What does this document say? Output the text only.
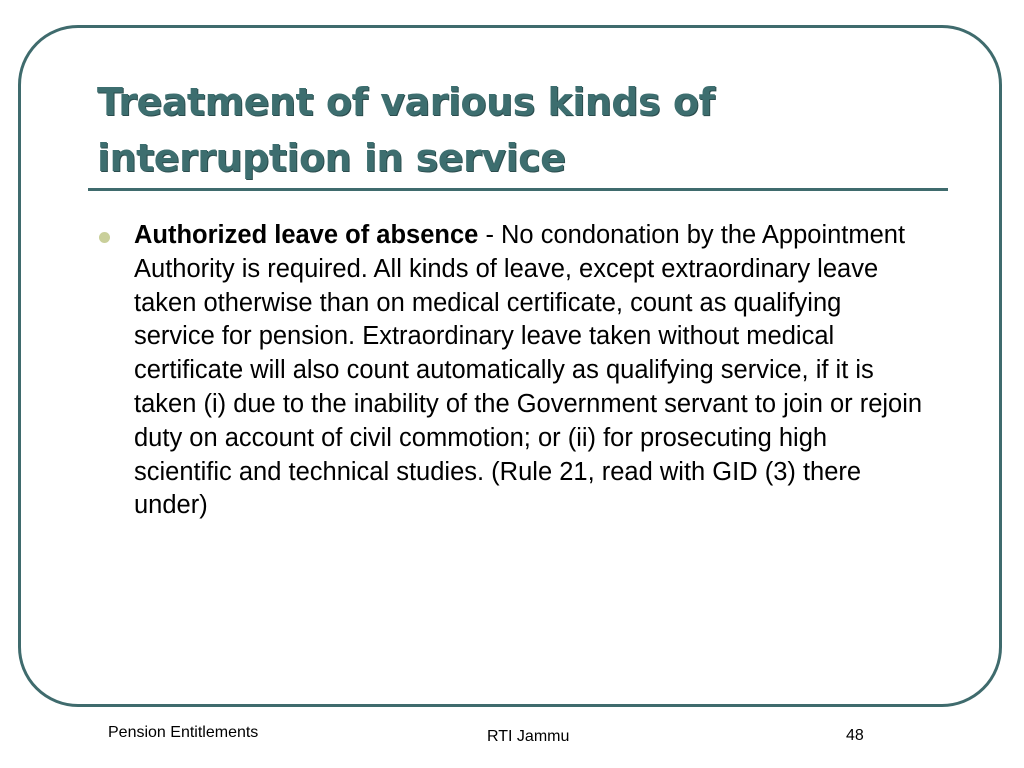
Treatment of various kinds of
interruption in service
Authorized leave of absence - No condonation by the Appointment Authority is required. All kinds of leave, except extraordinary leave taken otherwise than on medical certificate, count as qualifying service for pension. Extraordinary leave taken without medical certificate will also count automatically as qualifying service, if it is taken (i) due to the inability of the Government servant to join or rejoin duty on account of civil commotion; or (ii) for prosecuting high scientific and technical studies. (Rule 21, read with GID (3) there under)
Pension Entitlements	RTI Jammu	48
